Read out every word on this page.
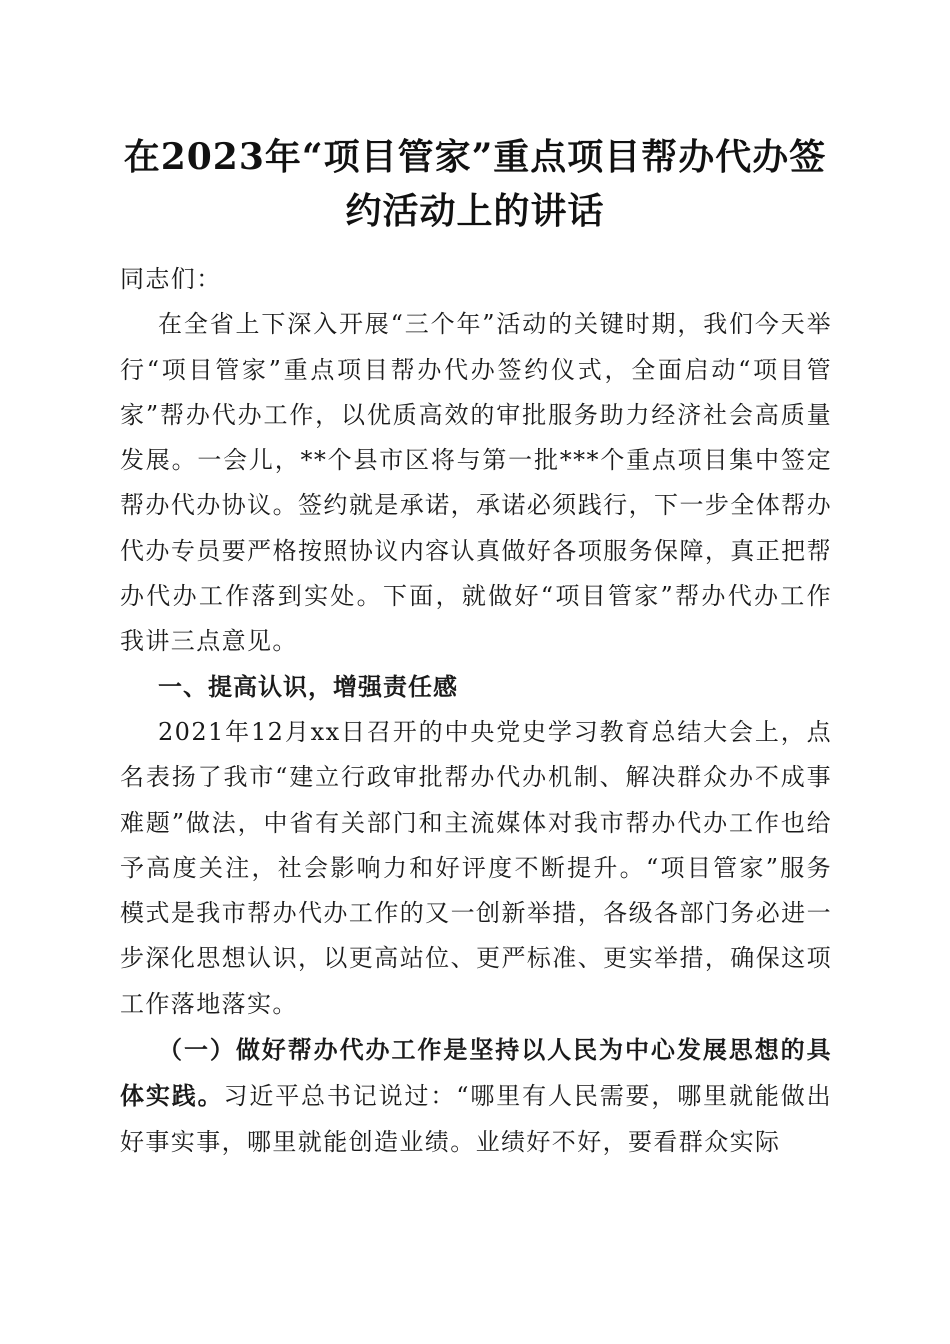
在2023年“项目管家”重点项目帮办代办签
约活动上的讲话

同志们：

在全省上下深入开展“三个年”活动的关键时期，我们今天举行“项目管家”重点项目帮办代办签约仪式，全面启动“项目管家”帮办代办工作，以优质高效的审批服务助力经济社会高质量发展。一会儿，**个县市区将与第一批***个重点项目集中签定帮办代办协议。签约就是承诺，承诺必须践行，下一步全体帮办代办专员要严格按照协议内容认真做好各项服务保障，真正把帮办代办工作落到实处。下面，就做好“项目管家”帮办代办工作我讲三点意见。

一、提高认识，增强责任感

2021年12月xx日召开的中央党史学习教育总结大会上，点名表扬了我市“建立行政审批帮办代办机制、解决群众办不成事难题”做法，中省有关部门和主流媒体对我市帮办代办工作也给予高度关注，社会影响力和好评度不断提升。“项目管家”服务模式是我市帮办代办工作的又一创新举措，各级各部门务必进一步深化思想认识，以更高站位、更严标准、更实举措，确保这项工作落地落实。

（一）做好帮办代办工作是坚持以人民为中心发展思想的具体实践。习近平总书记说过：“哪里有人民需要，哪里就能做出好事实事，哪里就能创造业绩。业绩好不好，要看群众实际
